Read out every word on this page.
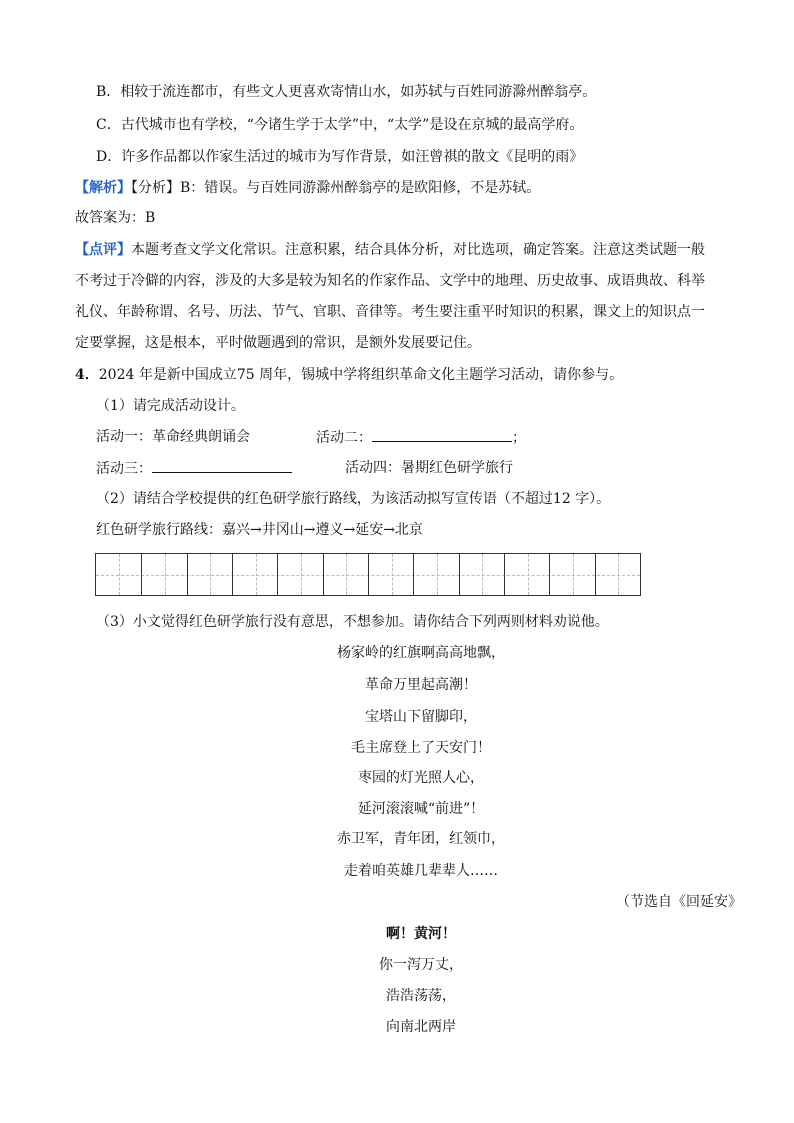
B．相较于流连都市，有些文人更喜欢寄情山水，如苏轼与百姓同游滁州醉翁亭。
C．古代城市也有学校，“今诸生学于太学”中，“太学”是设在京城的最高学府。
D．许多作品都以作家生活过的城市为写作背景，如汪曾祺的散文《昆明的雨》
【解析】【分析】B：错误。与百姓同游滁州醉翁亭的是欧阳修，不是苏轼。
故答案为：B
【点评】本题考查文学文化常识。注意积累，结合具体分析，对比选项，确定答案。注意这类试题一般
不考过于冷僻的内容，涉及的大多是较为知名的作家作品、文学中的地理、历史故事、成语典故、科举
礼仪、年龄称谓、名号、历法、节气、官职、音律等。考生要注重平时知识的积累，课文上的知识点一
定要掌握，这是根本，平时做题遇到的常识，是额外发展要记住。
4．2024 年是新中国成立75 周年，锡城中学将组织革命文化主题学习活动，请你参与。
（1）请完成活动设计。
活动一：革命经典朗诵会	活动二：	；
活动三：	活动四：暑期红色研学旅行
（2）请结合学校提供的红色研学旅行路线，为该活动拟写宣传语（不超过12 字）。
红色研学旅行路线：嘉兴→井冈山→遵义→延安→北京
（3）小文觉得红色研学旅行没有意思，不想参加。请你结合下列两则材料劝说他。
杨家岭的红旗啊高高地飘，
革命万里起高潮！
宝塔山下留脚印，
毛主席登上了天安门！
枣园的灯光照人心，
延河滚滚喊“前进”！
赤卫军，青年团，红领巾，
走着咱英雄几辈辈人……
（节选自《回延安》
啊！黄河！
你一泻万丈，
浩浩荡荡，
向南北两岸
